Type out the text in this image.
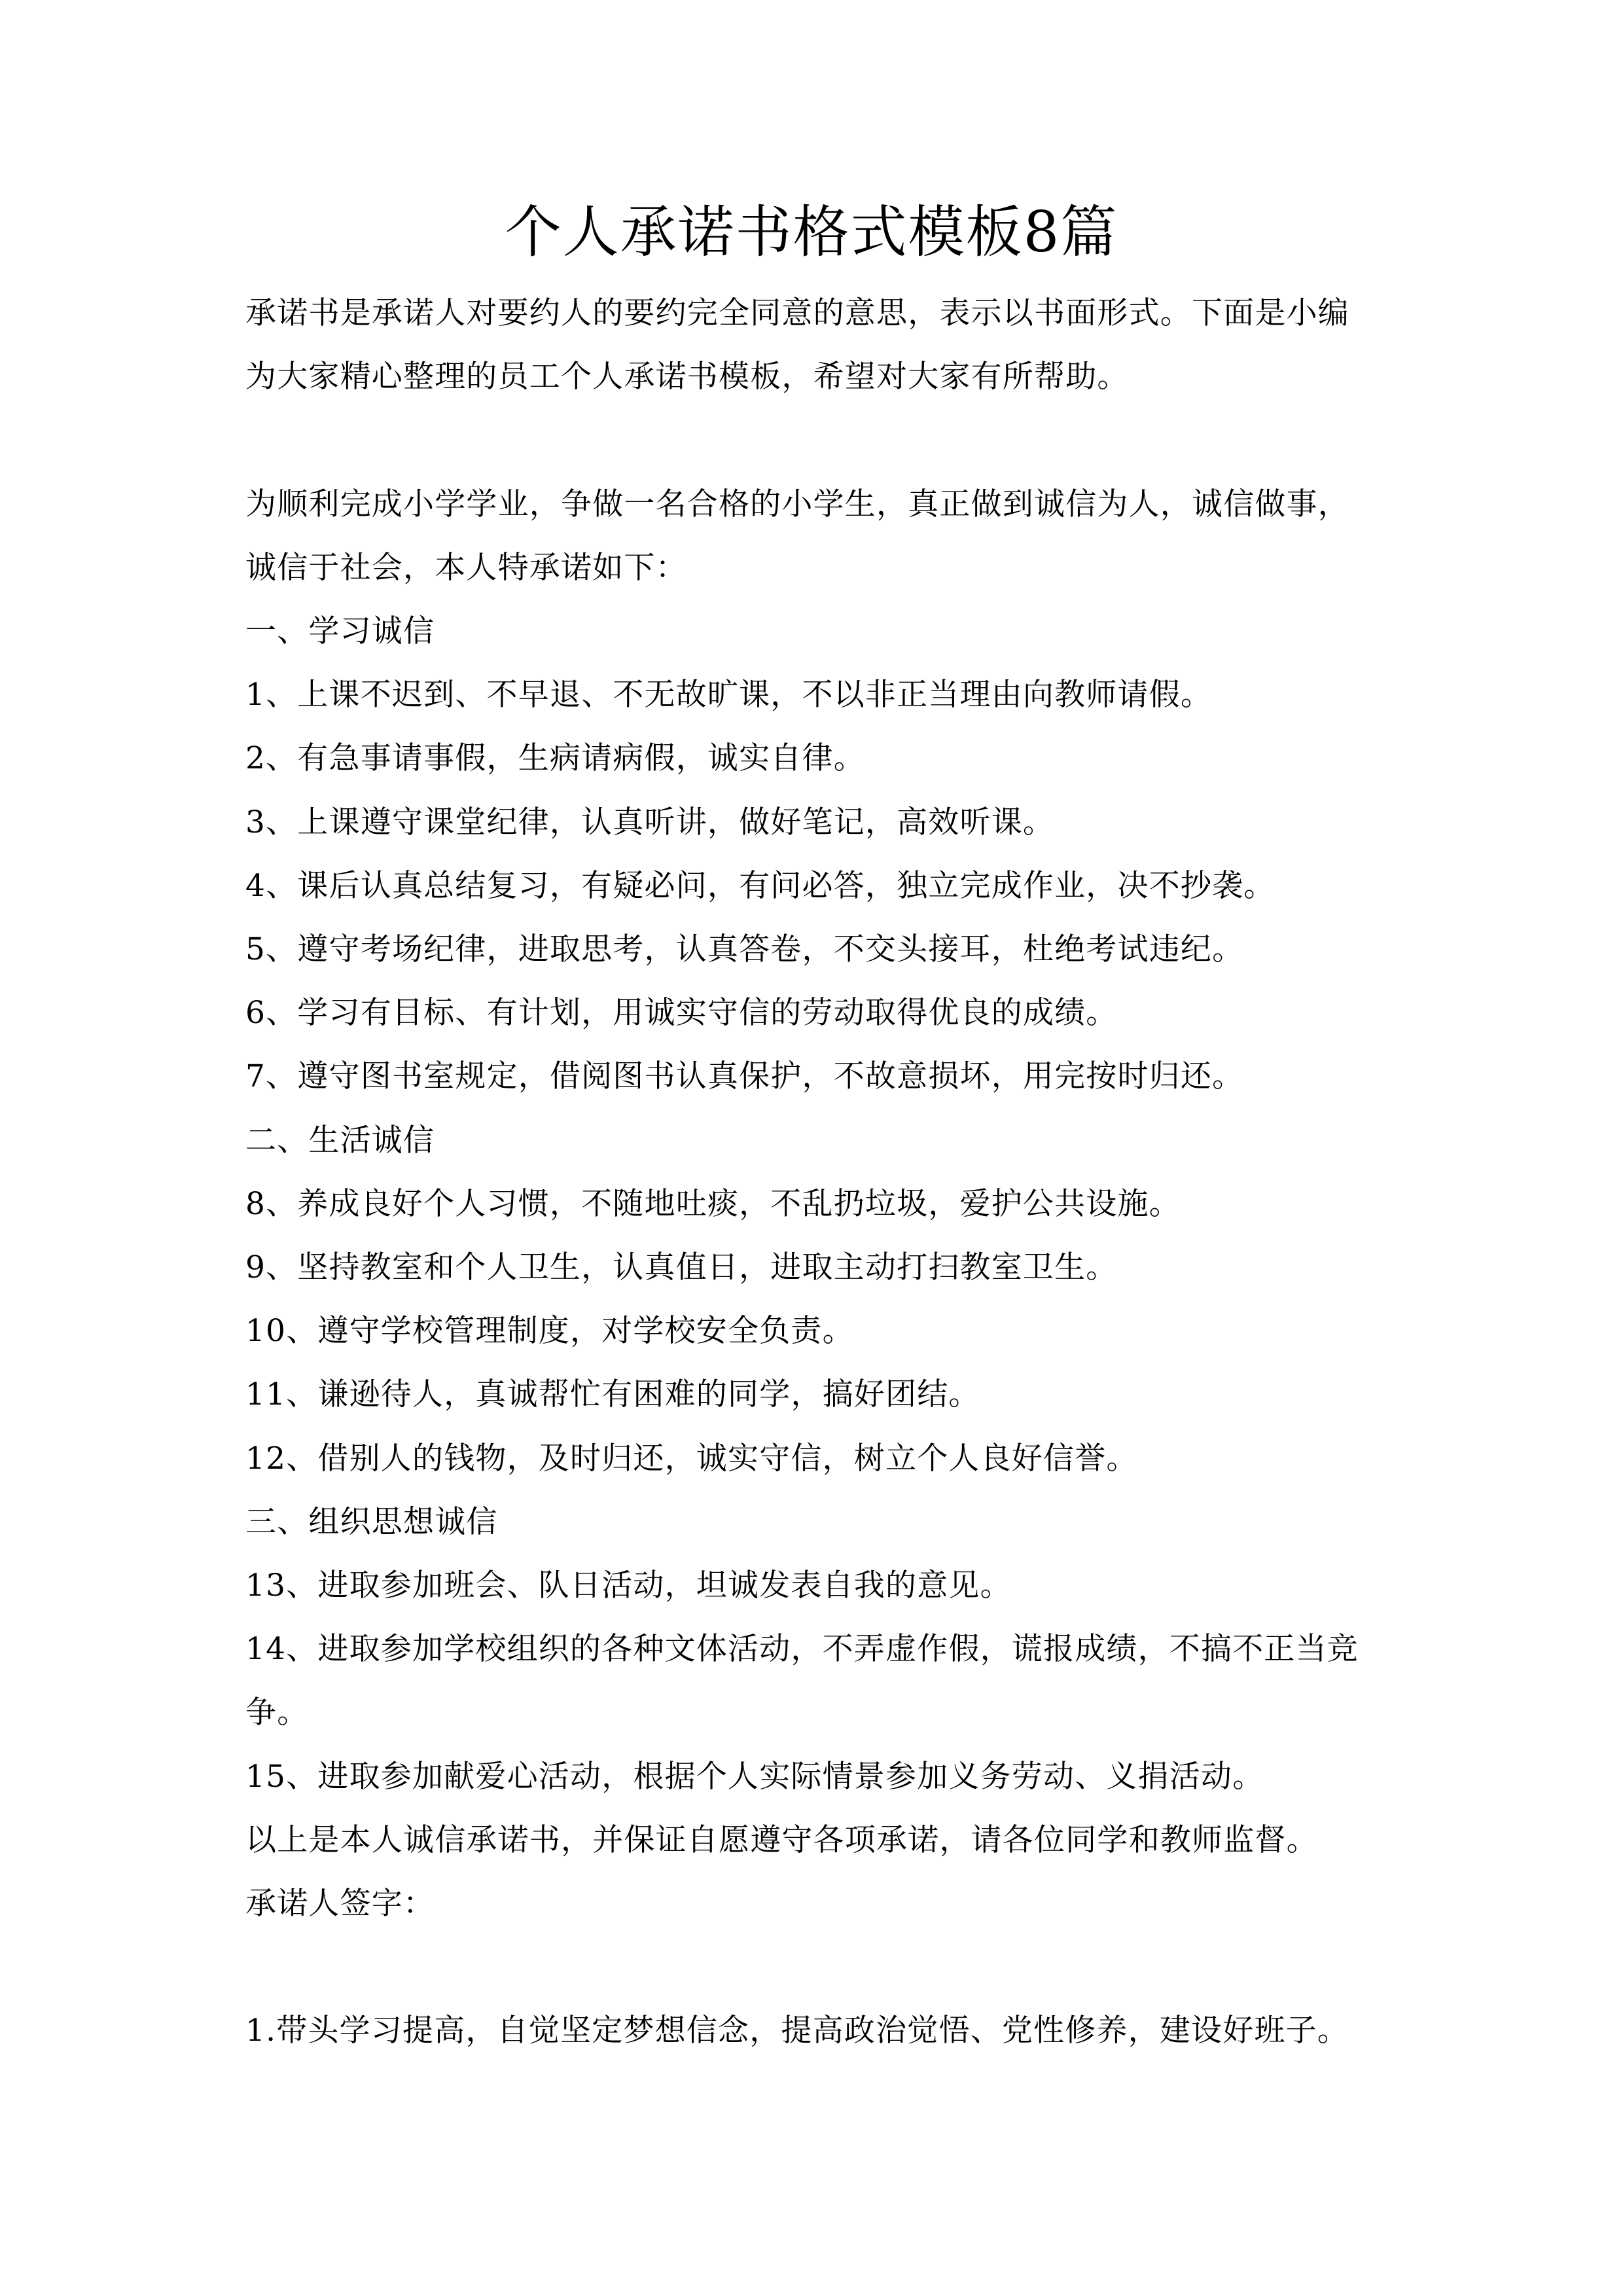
个人承诺书格式模板8篇

承诺书是承诺人对要约人的要约完全同意的意思，表示以书面形式。下面是小编

为大家精心整理的员工个人承诺书模板，希望对大家有所帮助。

为顺利完成小学学业，争做一名合格的小学生，真正做到诚信为人，诚信做事，

诚信于社会，本人特承诺如下：

一、学习诚信

1、上课不迟到、不早退、不无故旷课，不以非正当理由向教师请假。

2、有急事请事假，生病请病假，诚实自律。

3、上课遵守课堂纪律，认真听讲，做好笔记，高效听课。

4、课后认真总结复习，有疑必问，有问必答，独立完成作业，决不抄袭。

5、遵守考场纪律，进取思考，认真答卷，不交头接耳，杜绝考试违纪。

6、学习有目标、有计划，用诚实守信的劳动取得优良的成绩。

7、遵守图书室规定，借阅图书认真保护，不故意损坏，用完按时归还。

二、生活诚信

8、养成良好个人习惯，不随地吐痰，不乱扔垃圾，爱护公共设施。

9、坚持教室和个人卫生，认真值日，进取主动打扫教室卫生。

10、遵守学校管理制度，对学校安全负责。

11、谦逊待人，真诚帮忙有困难的同学，搞好团结。

12、借别人的钱物，及时归还，诚实守信，树立个人良好信誉。

三、组织思想诚信

13、进取参加班会、队日活动，坦诚发表自我的意见。

14、进取参加学校组织的各种文体活动，不弄虚作假，谎报成绩，不搞不正当竞

争。

15、进取参加献爱心活动，根据个人实际情景参加义务劳动、义捐活动。

以上是本人诚信承诺书，并保证自愿遵守各项承诺，请各位同学和教师监督。

承诺人签字：

1.带头学习提高，自觉坚定梦想信念，提高政治觉悟、党性修养，建设好班子。
